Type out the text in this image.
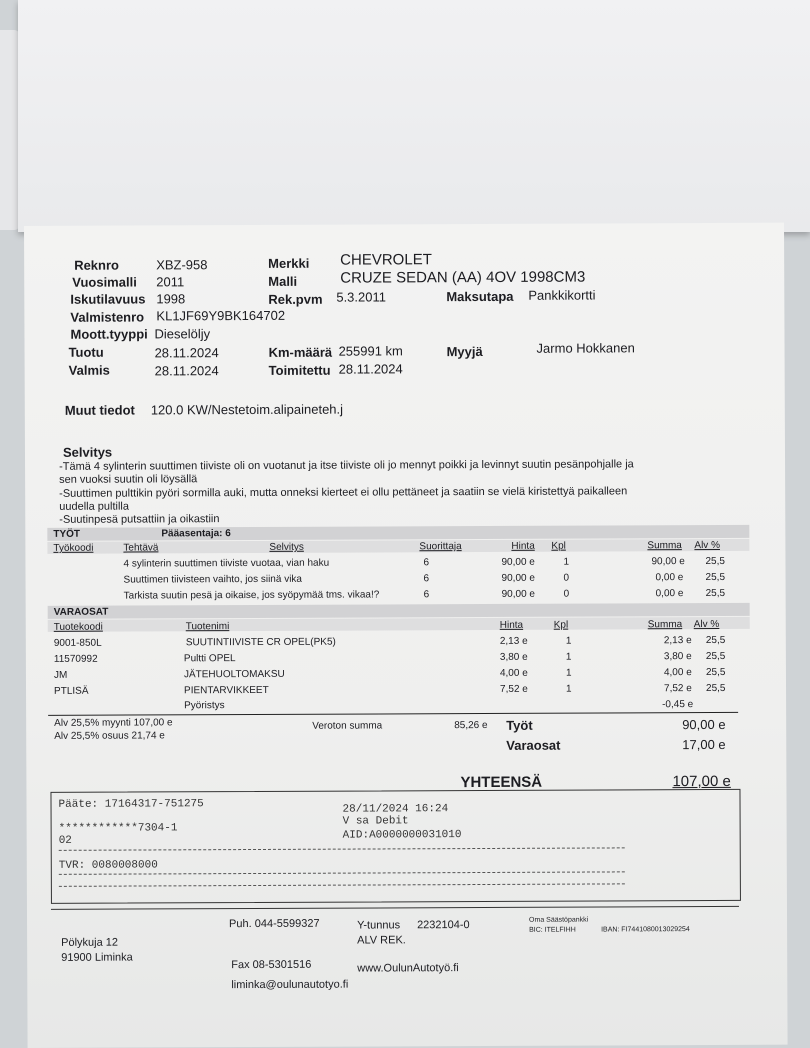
Reknro	XBZ-958	Merkki CHEVROLET
Vuosimalli 2011	Malli	CRUZE SEDAN (AA) 4OV 1998CM3
Iskutilavuus 1998	Rek.pvm 5.3.2011	Maksutapa Pankkikortti
Valmistenro KL1JF69Y9BK164702
Moott.tyyppi Dieselöljy
Tuotu	28.11.2024	Km-määrä 255991 km	Myyjä	Jarmo Hokkanen
Valmis	28.11.2024	Toimitettu 28.11.2024
Muut tiedot 120.0 KW/Nestetoim.alipaineteh.j
Selvitys
-Tämä 4 sylinterin suuttimen tiiviste oli on vuotanut ja itse tiiviste oli jo mennyt poikki ja levinnyt suutin pesänpohjalle ja
sen vuoksi suutin oli löysällä
-Suuttimen pulttikin pyöri sormilla auki, mutta onneksi kierteet ei ollu pettäneet ja saatiin se vielä kiristettyä paikalleen
uudella pultilla
-Suutinpesä putsattiin ja oikastiin
TYÖT	Pääasentaja: 6
Työkoodi	Tehtävä	Selvitys	Suorittaja	Hinta Kpl	Summa Alv %
4 sylinterin suuttimen tiiviste vuotaa, vian haku	6	90,00 e	1	90,00 e 25,5
Suuttimen tiivisteen vaihto, jos siinä vika	6	90,00 e	0	0,00 e 25,5
Tarkista suutin pesä ja oikaise, jos syöpymää tms. vikaa!?	6	90,00 e	0	0,00 e 25,5
VARAOSAT
Tuotekoodi	Tuotenimi	Hinta	Kpl	Summa Alv %
9001-850L	SUUTINTIIVISTE CR OPEL(PK5)	2,13 e	1	2,13 e 25,5
11570992	Pultti OPEL	3,80 e	1	3,80 e 25,5
JM	JÄTEHUOLTOMAKSU	4,00 e	1	4,00 e 25,5
PTLISÄ	PIENTARVIKKEET	7,52 e	1	7,52 e 25,5
Pyöristys	-0,45 e
Alv 25,5% myynti 107,00 e
Alv 25,5% osuus 21,74 e
Veroton summa	85,26 e Työt	90,00 e
Varaosat	17,00 e
YHTEENSÄ	107,00 e
Pääte: 17164317-751275	28/11/2024 16:24
************7304-1
V sa Debit
02	AID:A0000000031010
TVR: 0080008000
Puh. 044-5599327	Y-tunnus 2232104-0
ALV REK.
Oma Säästöpankki
BIC: ITELFIHH	IBAN: FI7441080013029254
Pölykuja 12
91900 Liminka
Fax 08-5301516	www.OulunAutotyö.fi
liminka@oulunautotyo.fi
